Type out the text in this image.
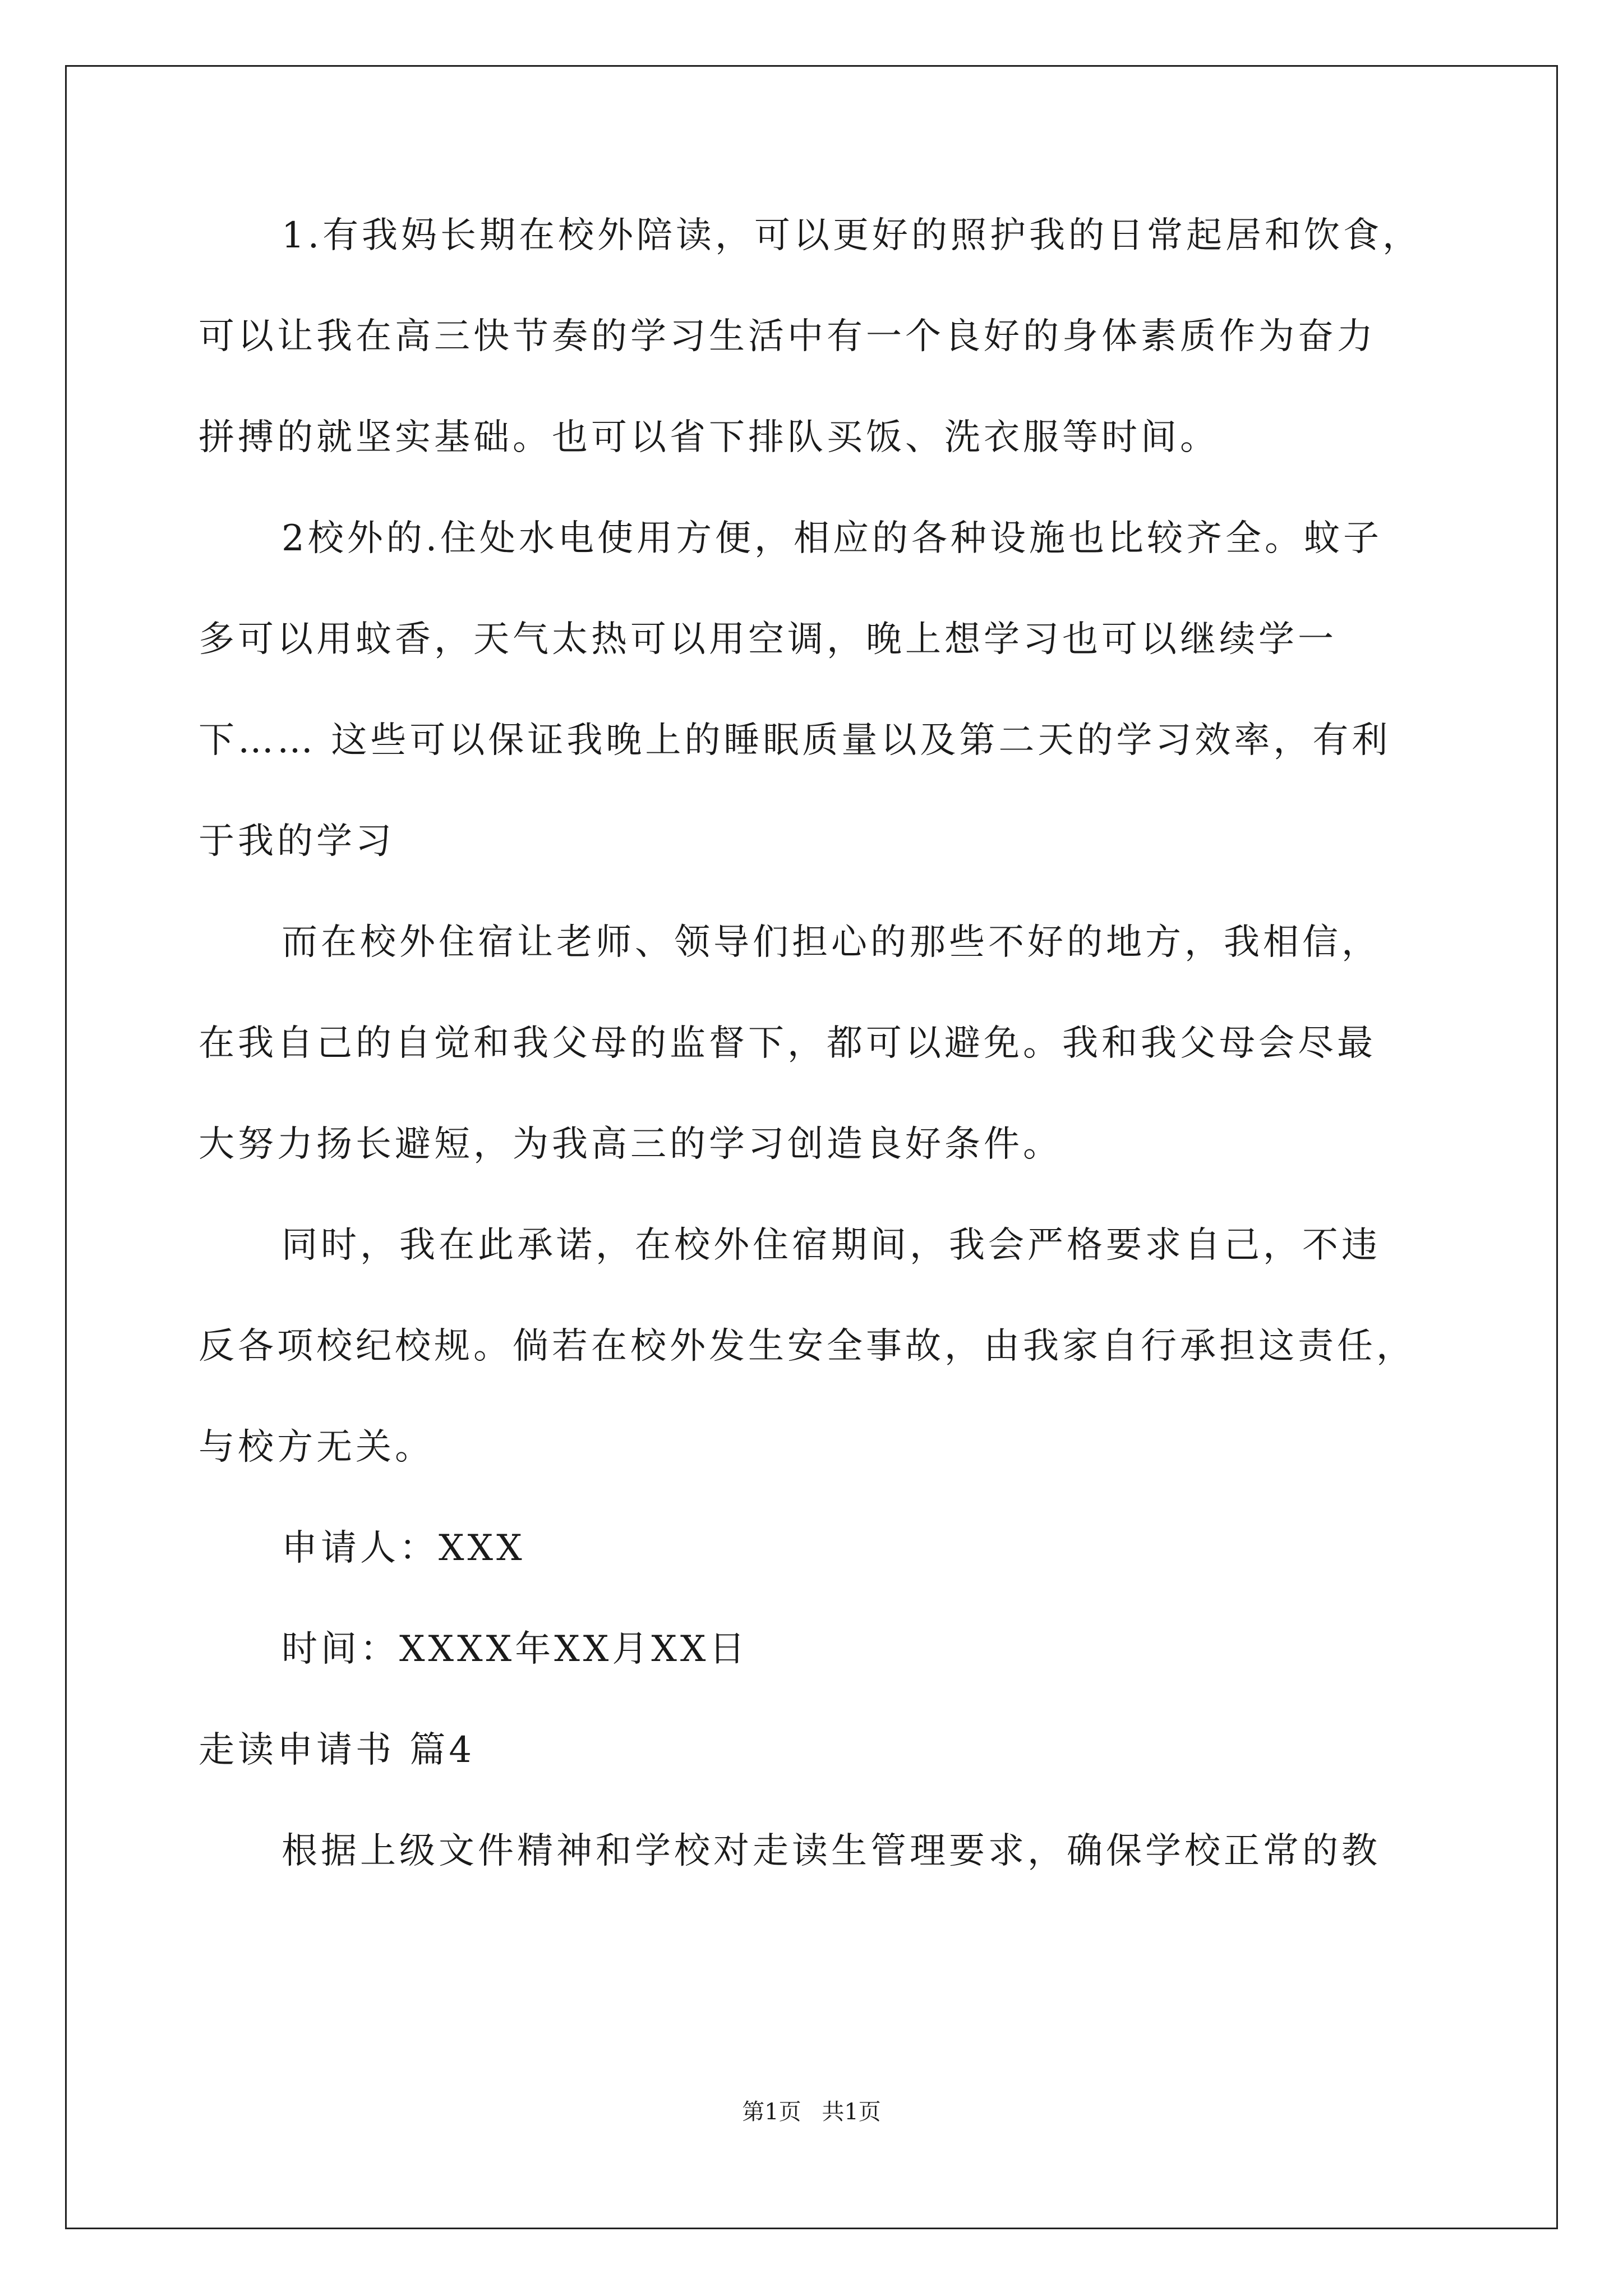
1.有我妈长期在校外陪读，可以更好的照护我的日常起居和饮食，
可以让我在高三快节奏的学习生活中有一个良好的身体素质作为奋力
拼搏的就坚实基础。也可以省下排队买饭、洗衣服等时间。
2校外的.住处水电使用方便，相应的各种设施也比较齐全。蚊子
多可以用蚊香，天气太热可以用空调，晚上想学习也可以继续学一
下…… 这些可以保证我晚上的睡眠质量以及第二天的学习效率，有利
于我的学习
而在校外住宿让老师、领导们担心的那些不好的地方，我相信，
在我自己的自觉和我父母的监督下，都可以避免。我和我父母会尽最
大努力扬长避短，为我高三的学习创造良好条件。
同时，我在此承诺，在校外住宿期间，我会严格要求自己，不违
反各项校纪校规。倘若在校外发生安全事故，由我家自行承担这责任，
与校方无关。
申请人：XXX
时间：XXXX年XX月XX日
走读申请书 篇4
根据上级文件精神和学校对走读生管理要求，确保学校正常的教
第1页 共1页
